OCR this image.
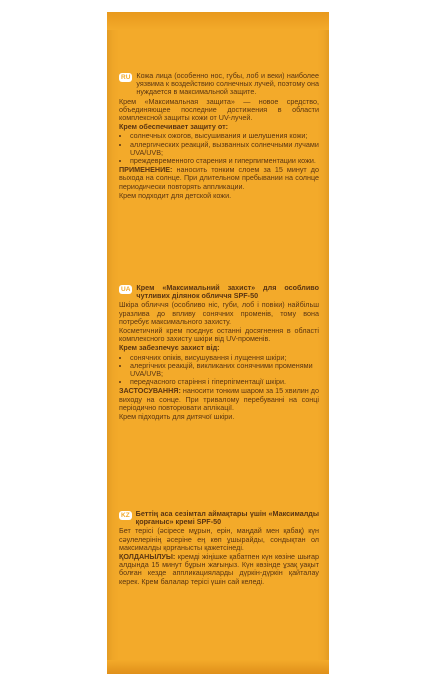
RU Кожа лица (особенно нос, губы, лоб и веки) наиболее уязвима к воздействию солнечных лучей, поэтому она нуждается в максимальной защите.

Крем «Максимальная защита» — новое средство, объединяющее последние достижения в области комплексной защиты кожи от UV-лучей.

Крем обеспечивает защиту от:

• солнечных ожогов, высушивания и шелушения кожи;
• аллергических реакций, вызванных солнечными лучами UVA/UVB;
• преждевременного старения и гиперпигментации кожи.

ПРИМЕНЕНИЕ: наносить тонким слоем за 15 минут до выхода на солнце. При длительном пребывании на солнце периодически повторять аппликации.

Крем подходит для детской кожи.

UA Крем «Максимальний захист» для особливо чутливих ділянок обличчя SPF-50

Шкіра обличчя (особливо ніс, губи, лоб і повіки) найбільш уразлива до впливу сонячних променів, тому вона потребує максимального захисту.

Косметичний крем поєднує останні досягнення в області комплексного захисту шкіри від UV-променів.

Крем забезпечує захист від:

• сонячних опіків, висушування і лущення шкіри;
• алергічних реакцій, викликаних сонячними променями UVA/UVB;
• передчасного старіння і гіперпігментації шкіри.

ЗАСТОСУВАННЯ: наносити тонким шаром за 15 хвилин до виходу на сонце. При тривалому перебуванні на сонці періодично повторювати аплікації.

Крем підходить для дитячої шкіри.

KZ Беттің аса сезімтал аймақтары үшін «Максималды қорғаныс» кремі SPF-50

Бет терісі (әсіресе мұрын, ерін, маңдай мен қабақ) күн сәулелерінің әсеріне ең көп ұшырайды, сондықтан ол максималды қорғанысты қажетсінеді.

ҚОЛДАНЫЛУЫ: кремді жіңішке қабатпен күн көзіне шығар алдында 15 минут бұрын жағыңыз. Күн көзінде ұзақ уақыт болған кезде аппликацияларды дүркін-дүркін қайталау керек. Крем балалар терісі үшін сай келеді.
